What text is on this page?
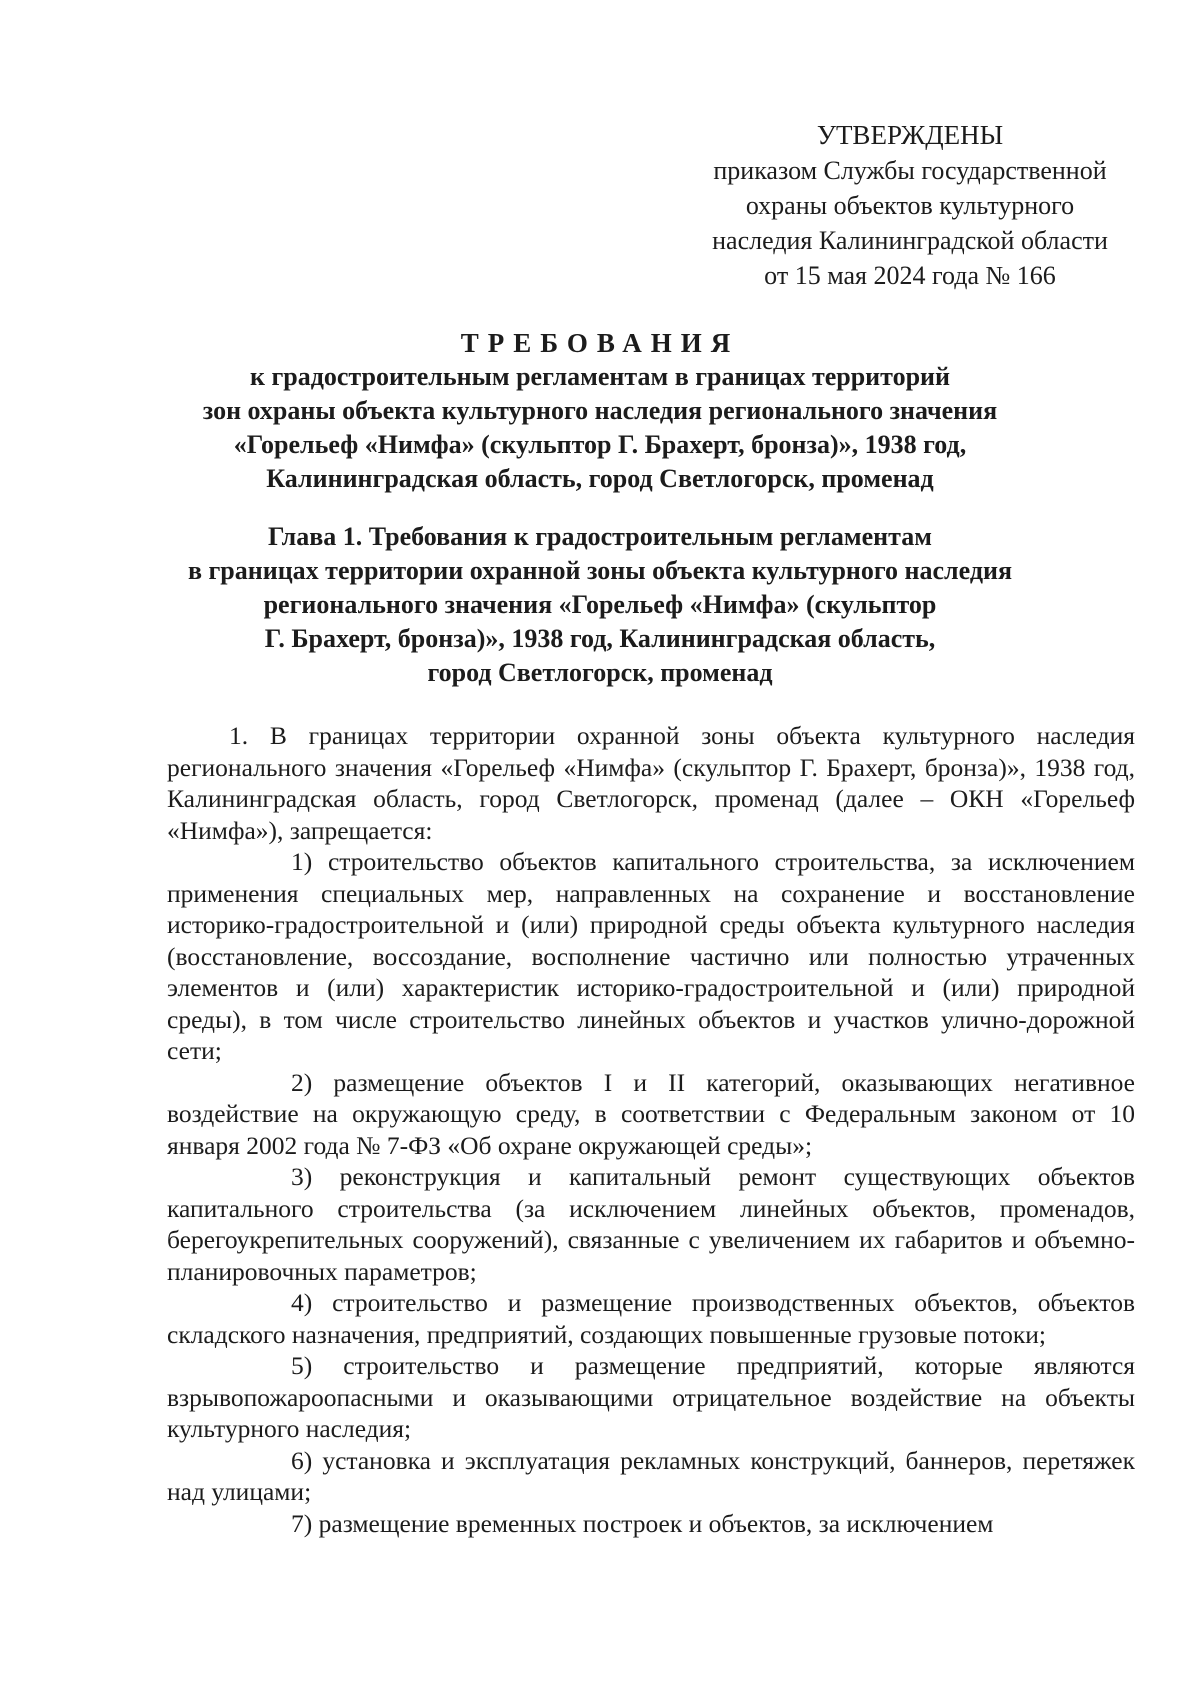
УТВЕРЖДЕНЫ
приказом Службы государственной
охраны объектов культурного
наследия Калининградской области
от 15 мая 2024 года № 166
ТРЕБОВАНИЯ
к градостроительным регламентам в границах территорий
зон охраны объекта культурного наследия регионального значения
«Горельеф «Нимфа» (скульптор Г. Брахерт, бронза)», 1938 год,
Калининградская область, город Светлогорск, променад
Глава 1. Требования к градостроительным регламентам
в границах территории охранной зоны объекта культурного наследия
регионального значения «Горельеф «Нимфа» (скульптор
Г. Брахерт, бронза)», 1938 год, Калининградская область,
город Светлогорск, променад

1. В границах территории охранной зоны объекта культурного наследия регионального значения «Горельеф «Нимфа» (скульптор Г. Брахерт, бронза)», 1938 год, Калининградская область, город Светлогорск, променад (далее – ОКН «Горельеф «Нимфа»), запрещается:

1) строительство объектов капитального строительства, за исключением применения специальных мер, направленных на сохранение и восстановление историко-градостроительной и (или) природной среды объекта культурного наследия (восстановление, воссоздание, восполнение частично или полностью утраченных элементов и (или) характеристик историко-градостроительной и (или) природной среды), в том числе строительство линейных объектов и участков улично-дорожной сети;

2) размещение объектов I и II категорий, оказывающих негативное воздействие на окружающую среду, в соответствии с Федеральным законом от 10 января 2002 года № 7-ФЗ «Об охране окружающей среды»;

3) реконструкция и капитальный ремонт существующих объектов капитального строительства (за исключением линейных объектов, променадов, берегоукрепительных сооружений), связанные с увеличением их габаритов и объемно-планировочных параметров;

4) строительство и размещение производственных объектов, объектов складского назначения, предприятий, создающих повышенные грузовые потоки;

5) строительство и размещение предприятий, которые являются взрывопожароопасными и оказывающими отрицательное воздействие на объекты культурного наследия;

6) установка и эксплуатация рекламных конструкций, баннеров, перетяжек над улицами;

7) размещение временных построек и объектов, за исключением
